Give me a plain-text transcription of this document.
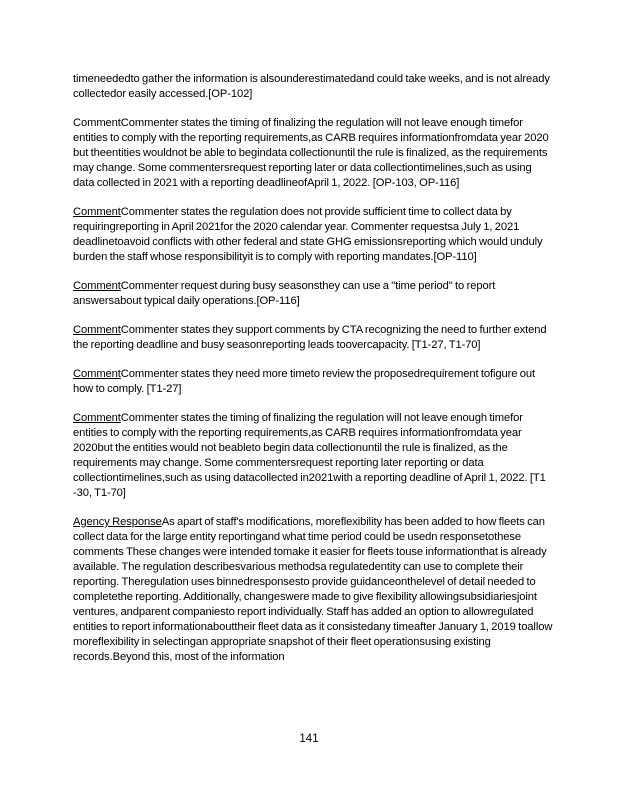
timeneededto gather the information is alsounderestimatedand could take weeks, and is not already collectedor easily accessed.[OP-102]

CommentCommenter states the timing of finalizing the regulation will not leave enough timefor entities to comply with the reporting requirements,as CARB requires informationfromdata year 2020 but theentities wouldnot be able to begindata collectionuntil the rule is finalized, as the requirements may change. Some commentersrequest reporting later or data collectiontimelines,such as using data collected in 2021 with a reporting deadlineofApril 1, 2022. [OP-103, OP-116]

CommentCommenter states the regulation does not provide sufficient time to collect data by requiringreporting in April 2021for the 2020 calendar year. Commenter requestsa July 1, 2021 deadlinetoavoid conflicts with other federal and state GHG emissionsreporting which would unduly burden the staff whose responsibilityit is to comply with reporting mandates.[OP-110]

CommentCommenter request during busy seasonsthey can use a "time period" to report answersabout typical daily operations.[OP-116]

CommentCommenter states they support comments by CTA recognizing the need to further extend the reporting deadline and busy seasonreporting leads toovercapacity. [T1-27, T1-70]

CommentCommenter states they need more timeto review the proposedrequirement tofigure out how to comply. [T1-27]

CommentCommenter states the timing of finalizing the regulation will not leave enough timefor entities to comply with the reporting requirements,as CARB requires informationfromdata year 2020but the entities would not beableto begin data collectionuntil the rule is finalized, as the requirements may change. Some commentersrequest reporting later reporting or data collectiontimelines,such as using datacollected in2021with a reporting deadline of April 1, 2022. [T1 -30, T1-70]

Agency ResponseAs apart of staff's modifications, moreflexibility has been added to how fleets can collect data for the large entity reportingand what time period could be usedn responsetothese comments These changes were intended tomake it easier for fleets touse informationthat is already available. The regulation describesvarious methodsa regulatedentity can use to complete their reporting. Theregulation uses binnedresponsesto provide guidanceonthelevel of detail needed to completethe reporting. Additionally, changeswere made to give flexibility allowingsubsidiariesjoint ventures, andparent companiesto report individually. Staff has added an option to allowregulated entities to report informationabouttheir fleet data as it consistedany timeafter January 1, 2019 toallow moreflexibility in selectingan appropriate snapshot of their fleet operationsusing existing records.Beyond this, most of the information

141
